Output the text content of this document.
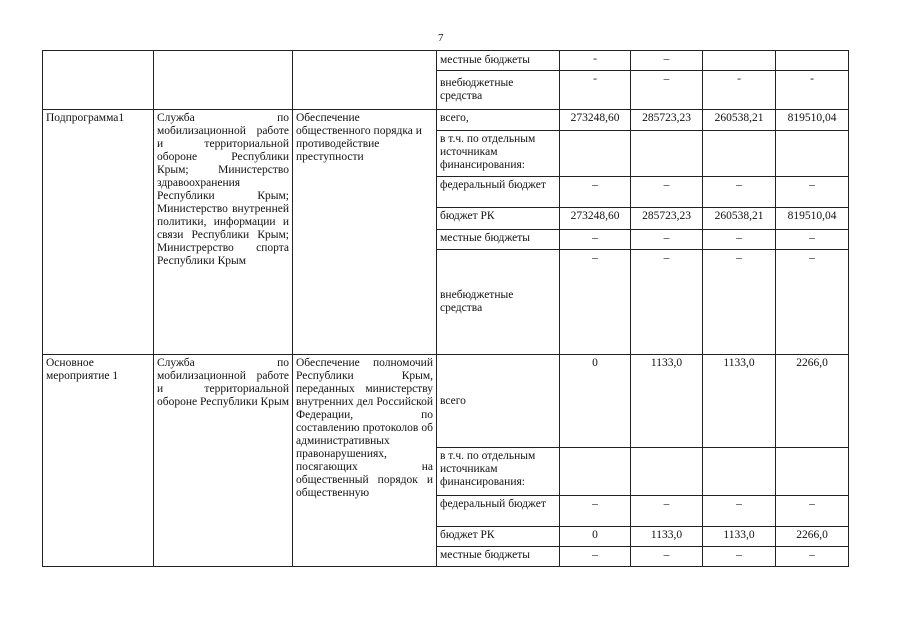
7
			местные бюджеты	-	–		
			внебюджетные средства	-	–	-	-
Подпрограмма1	Служба по мобилизационной работе и территориальной обороне Республики Крым; Министерство здравоохранения Республики Крым; Министерство внутренней политики, информации и связи Республики Крым; Министрерство спорта Республики Крым	Обеспечение общественного порядка и противодействие преступности	всего,	273248,60	285723,23	260538,21	819510,04
			в т.ч. по отдельным источникам финансирования:				
			федеральный бюджет	–	–	–	–
			бюджет РК	273248,60	285723,23	260538,21	819510,04
			местные бюджеты	–	–	–	–
			внебюджетные средства	–	–	–	–
Основное мероприятие 1	Служба по мобилизационной работе и территориальной обороне Республики Крым	Обеспечение полномочий Республики Крым, переданных министерству внутренних дел Российской Федерации, по составлению протоколов об административных правонарушениях, посягающих на общественный порядок и общественную	всего	0	1133,0	1133,0	2266,0
			в т.ч. по отдельным источникам финансирования:				
			федеральный бюджет	–	–	–	–
			бюджет РК	0	1133,0	1133,0	2266,0
			местные бюджеты	–	–	–	–
